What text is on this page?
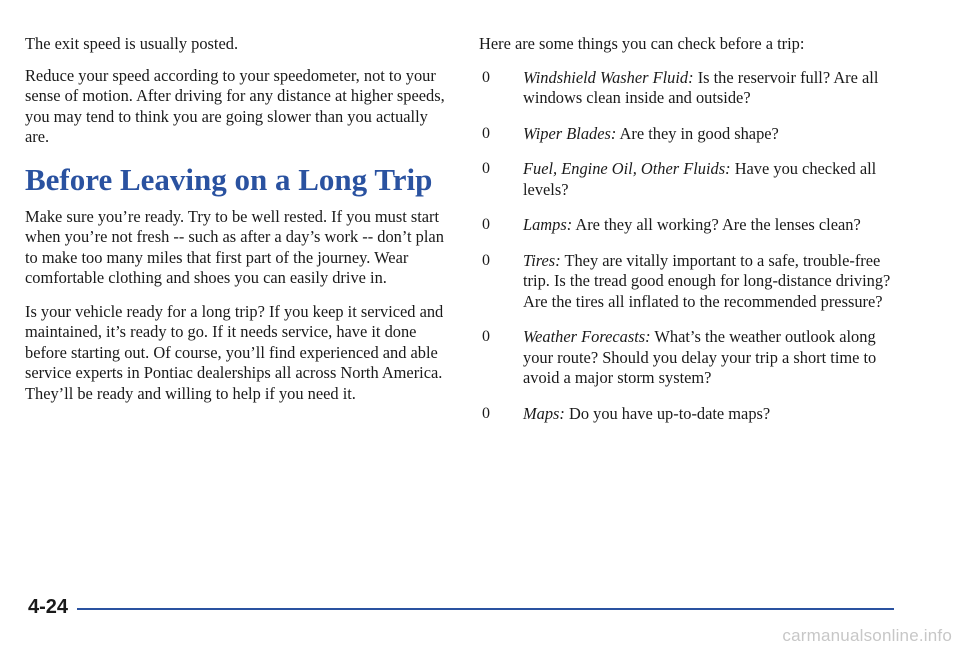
The exit speed is usually posted.

Reduce your speed according to your speedometer, not to your sense of motion. After driving for any distance at higher speeds, you may tend to think you are going slower than you actually are.

Before Leaving on a Long Trip

Make sure you’re ready. Try to be well rested. If you must start when you’re not fresh -- such as after a day’s work -- don’t plan to make too many miles that first part of the journey. Wear comfortable clothing and shoes you can easily drive in.

Is your vehicle ready for a long trip? If you keep it serviced and maintained, it’s ready to go. If it needs service, have it done before starting out. Of course, you’ll find experienced and able service experts in Pontiac dealerships all across North America. They’ll be ready and willing to help if you need it.

Here are some things you can check before a trip:

0 Windshield Washer Fluid: Is the reservoir full? Are all windows clean inside and outside?
0 Wiper Blades: Are they in good shape?
0 Fuel, Engine Oil, Other Fluids: Have you checked all levels?
0 Lamps: Are they all working? Are the lenses clean?
0 Tires: They are vitally important to a safe, trouble-free trip. Is the tread good enough for long-distance driving? Are the tires all inflated to the recommended pressure?
0 Weather Forecasts: What’s the weather outlook along your route? Should you delay your trip a short time to avoid a major storm system?
0 Maps: Do you have up-to-date maps?
4-24
carmanualsonline.info
